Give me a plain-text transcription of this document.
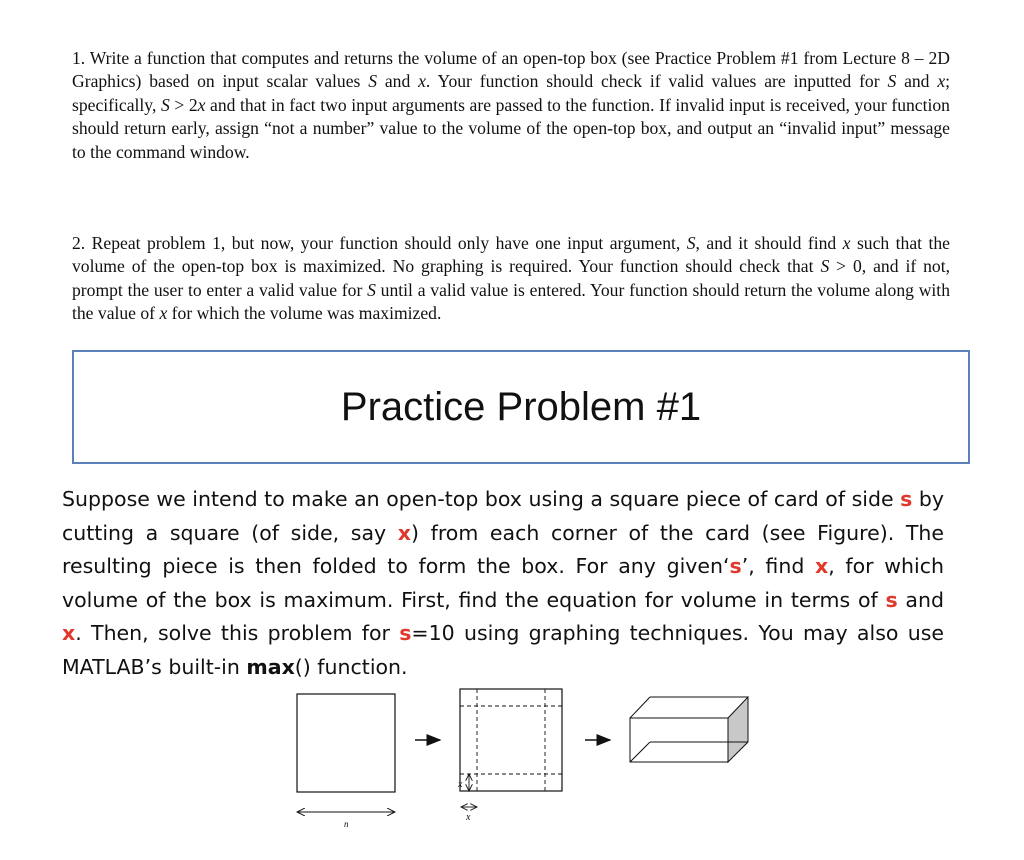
1. Write a function that computes and returns the volume of an open-top box (see Practice Problem #1 from Lecture 8 – 2D Graphics) based on input scalar values S and x. Your function should check if valid values are inputted for S and x; specifically, S > 2x and that in fact two input arguments are passed to the function. If invalid input is received, your function should return early, assign “not a number” value to the volume of the open-top box, and output an “invalid input” message to the command window.
2. Repeat problem 1, but now, your function should only have one input argument, S, and it should find x such that the volume of the open-top box is maximized. No graphing is required. Your function should check that S > 0, and if not, prompt the user to enter a valid value for S until a valid value is entered. Your function should return the volume along with the value of x for which the volume was maximized.
Practice Problem #1
Suppose we intend to make an open-top box using a square piece of card of side s by cutting a square (of side, say x) from each corner of the card (see Figure). The resulting piece is then folded to form the box. For any given‘s’, find x, for which volume of the box is maximum. First, find the equation for volume in terms of s and x. Then, solve this problem for s=10 using graphing techniques. You may also use MATLAB’s built-in max() function.
n
x
x
